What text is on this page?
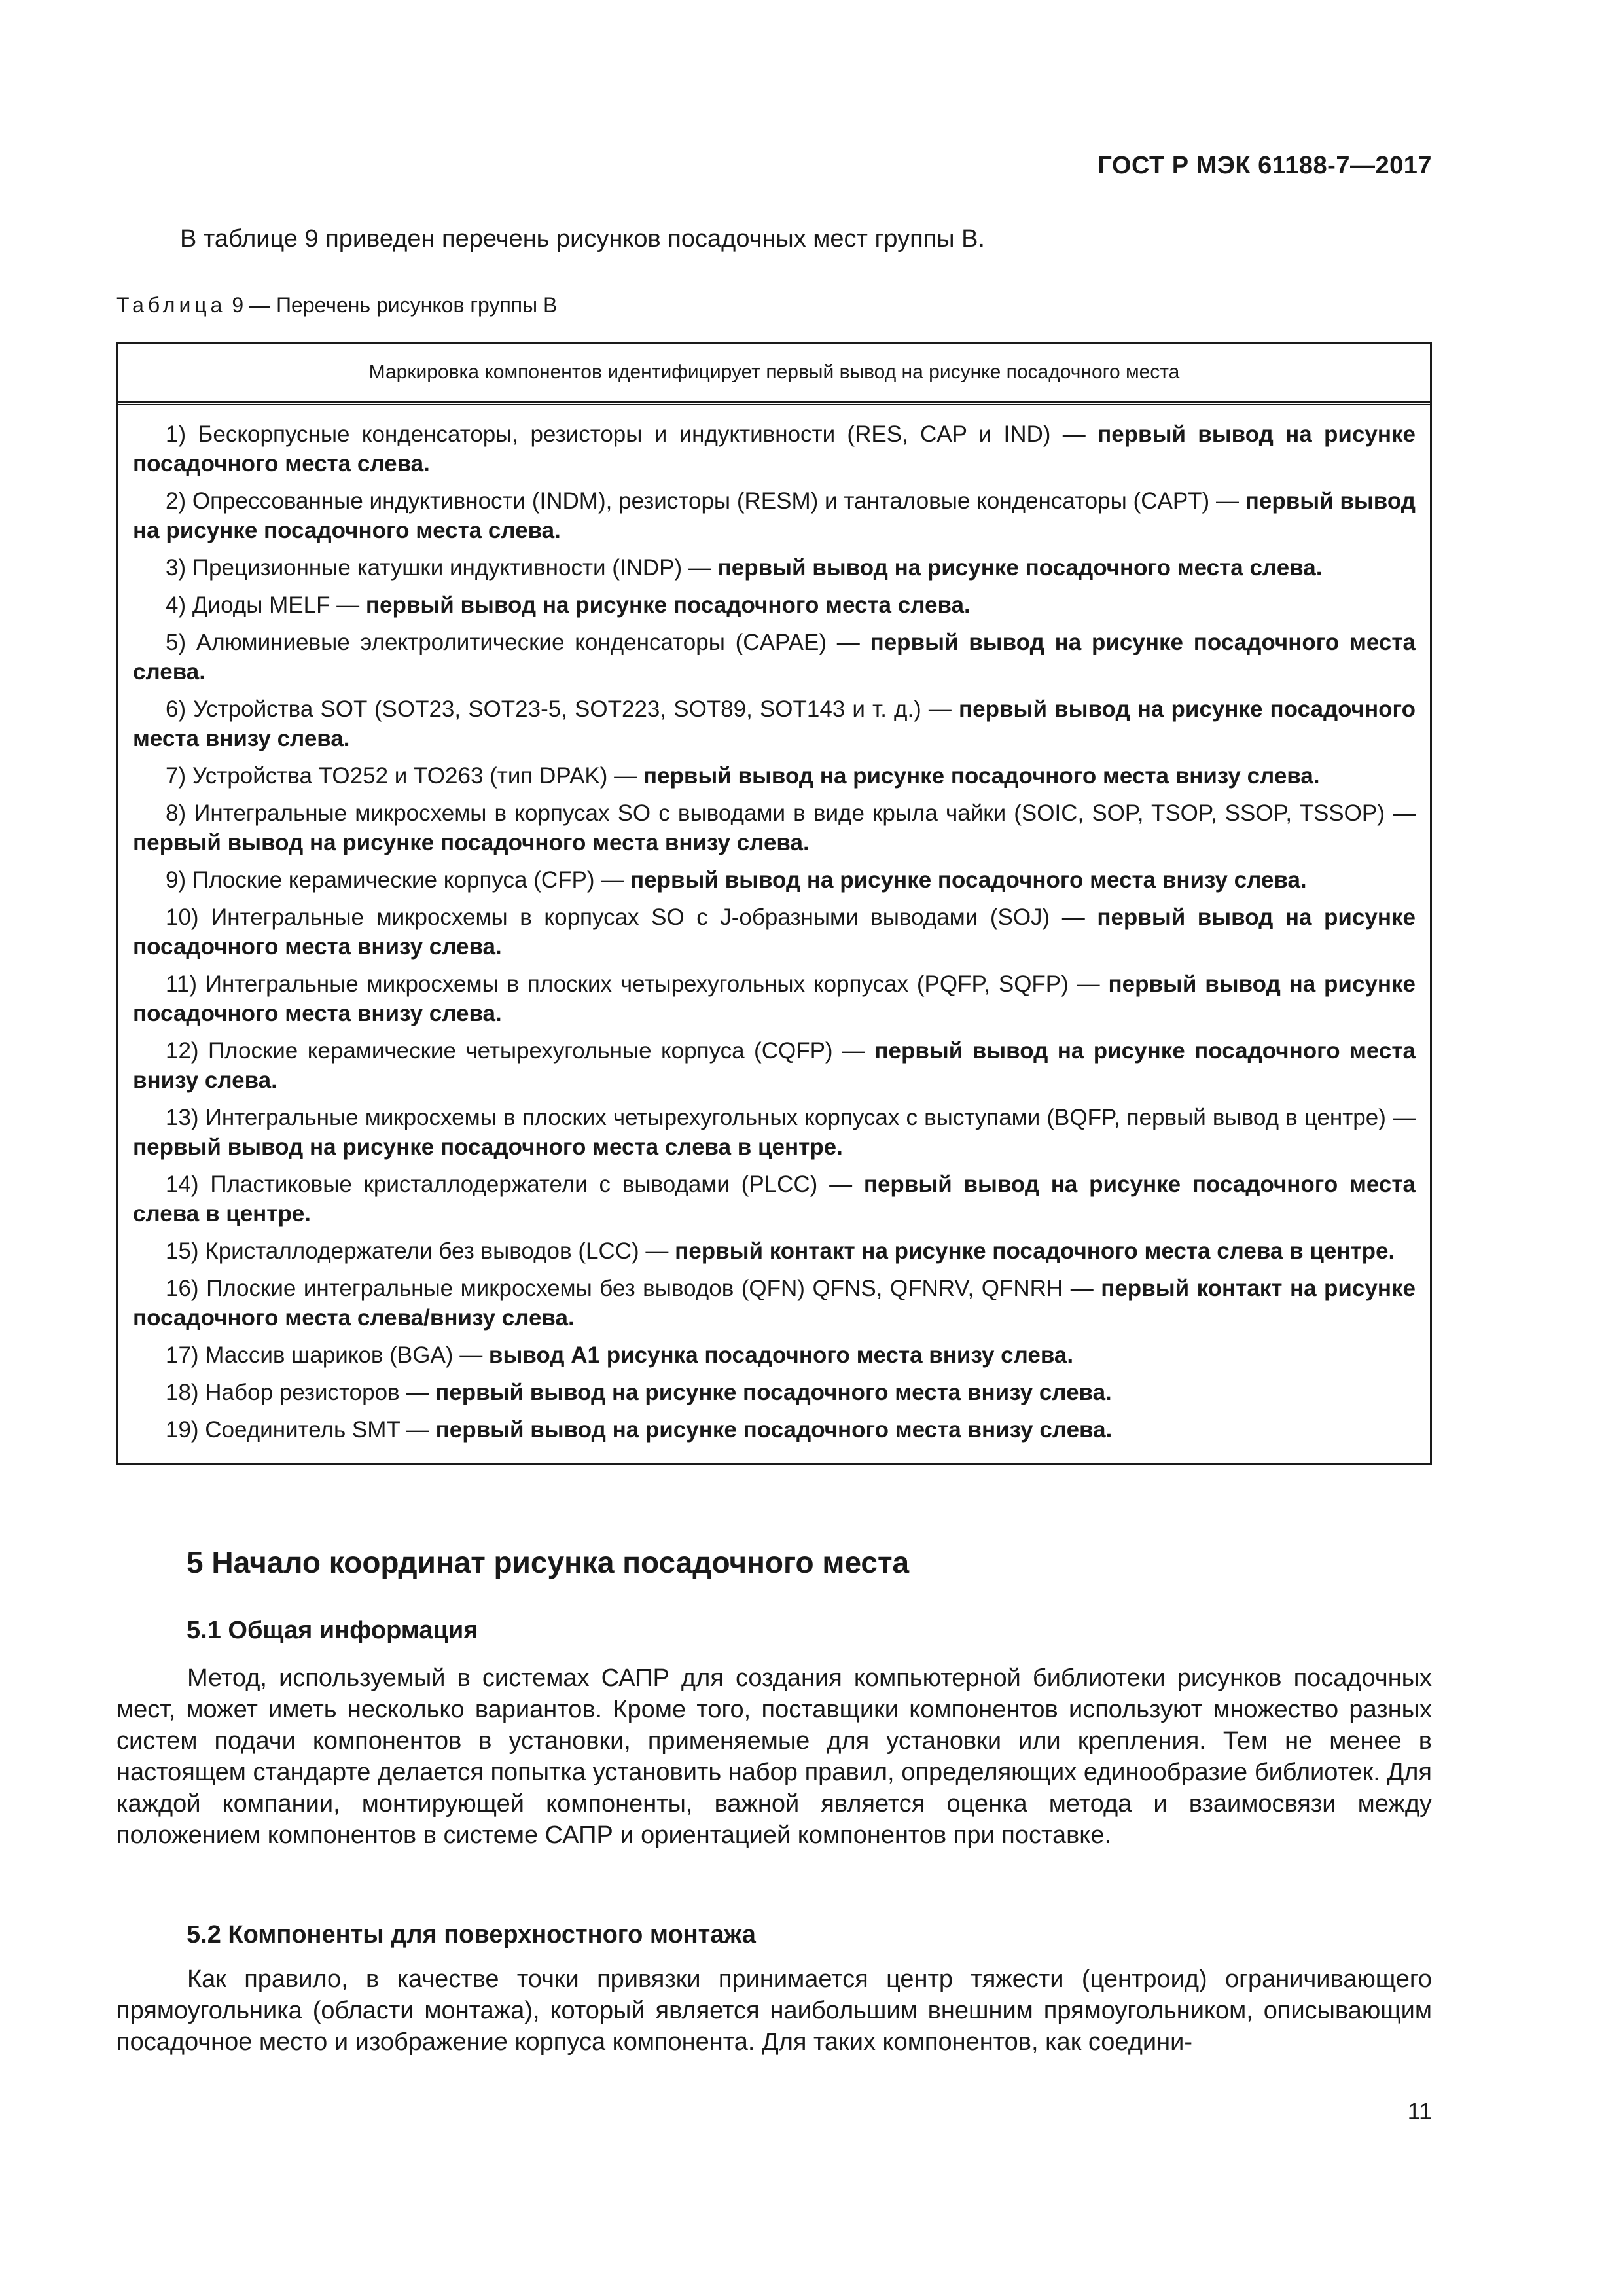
ГОСТ Р МЭК 61188-7—2017
В таблице 9 приведен перечень рисунков посадочных мест группы В.
Таблица 9 — Перечень рисунков группы В
Маркировка компонентов идентифицирует первый вывод на рисунке посадочного места
1) Бескорпусные конденсаторы, резисторы и индуктивности (RES, CAP и IND) — первый вывод на рисунке посадочного места слева.
2) Опрессованные индуктивности (INDM), резисторы (RESM) и танталовые конденсаторы (CAPT) — первый вывод на рисунке посадочного места слева.
3) Прецизионные катушки индуктивности (INDP) — первый вывод на рисунке посадочного места слева.
4) Диоды MELF — первый вывод на рисунке посадочного места слева.
5) Алюминиевые электролитические конденсаторы (CAPAE) — первый вывод на рисунке посадочного места слева.
6) Устройства SOT (SOT23, SOT23-5, SOT223, SOT89, SOT143 и т. д.) — первый вывод на рисунке посадочного места внизу слева.
7) Устройства TO252 и TO263 (тип DPAK) — первый вывод на рисунке посадочного места внизу слева.
8) Интегральные микросхемы в корпусах SO с выводами в виде крыла чайки (SOIC, SOP, TSOP, SSOP, TSSOP) — первый вывод на рисунке посадочного места внизу слева.
9) Плоские керамические корпуса (CFP) — первый вывод на рисунке посадочного места внизу слева.
10) Интегральные микросхемы в корпусах SO с J-образными выводами (SOJ) — первый вывод на рисунке посадочного места внизу слева.
11) Интегральные микросхемы в плоских четырехугольных корпусах (PQFP, SQFP) — первый вывод на рисунке посадочного места внизу слева.
12) Плоские керамические четырехугольные корпуса (CQFP) — первый вывод на рисунке посадочного места внизу слева.
13) Интегральные микросхемы в плоских четырехугольных корпусах с выступами (BQFP, первый вывод в центре) — первый вывод на рисунке посадочного места слева в центре.
14) Пластиковые кристаллодержатели с выводами (PLCC) — первый вывод на рисунке посадочного места слева в центре.
15) Кристаллодержатели без выводов (LCC) — первый контакт на рисунке посадочного места слева в центре.
16) Плоские интегральные микросхемы без выводов (QFN) QFNS, QFNRV, QFNRH — первый контакт на рисунке посадочного места слева/внизу слева.
17) Массив шариков (BGA) — вывод A1 рисунка посадочного места внизу слева.
18) Набор резисторов — первый вывод на рисунке посадочного места внизу слева.
19) Соединитель SMT — первый вывод на рисунке посадочного места внизу слева.
5 Начало координат рисунка посадочного места
5.1 Общая информация
Метод, используемый в системах САПР для создания компьютерной библиотеки рисунков посадочных мест, может иметь несколько вариантов. Кроме того, поставщики компонентов используют множество разных систем подачи компонентов в установки, применяемые для установки или крепления. Тем не менее в настоящем стандарте делается попытка установить набор правил, определяющих единообразие библиотек. Для каждой компании, монтирующей компоненты, важной является оценка метода и взаимосвязи между положением компонентов в системе САПР и ориентацией компонентов при поставке.
5.2 Компоненты для поверхностного монтажа
Как правило, в качестве точки привязки принимается центр тяжести (центроид) ограничивающего прямоугольника (области монтажа), который является наибольшим внешним прямоугольником, описывающим посадочное место и изображение корпуса компонента. Для таких компонентов, как соедини-
11
